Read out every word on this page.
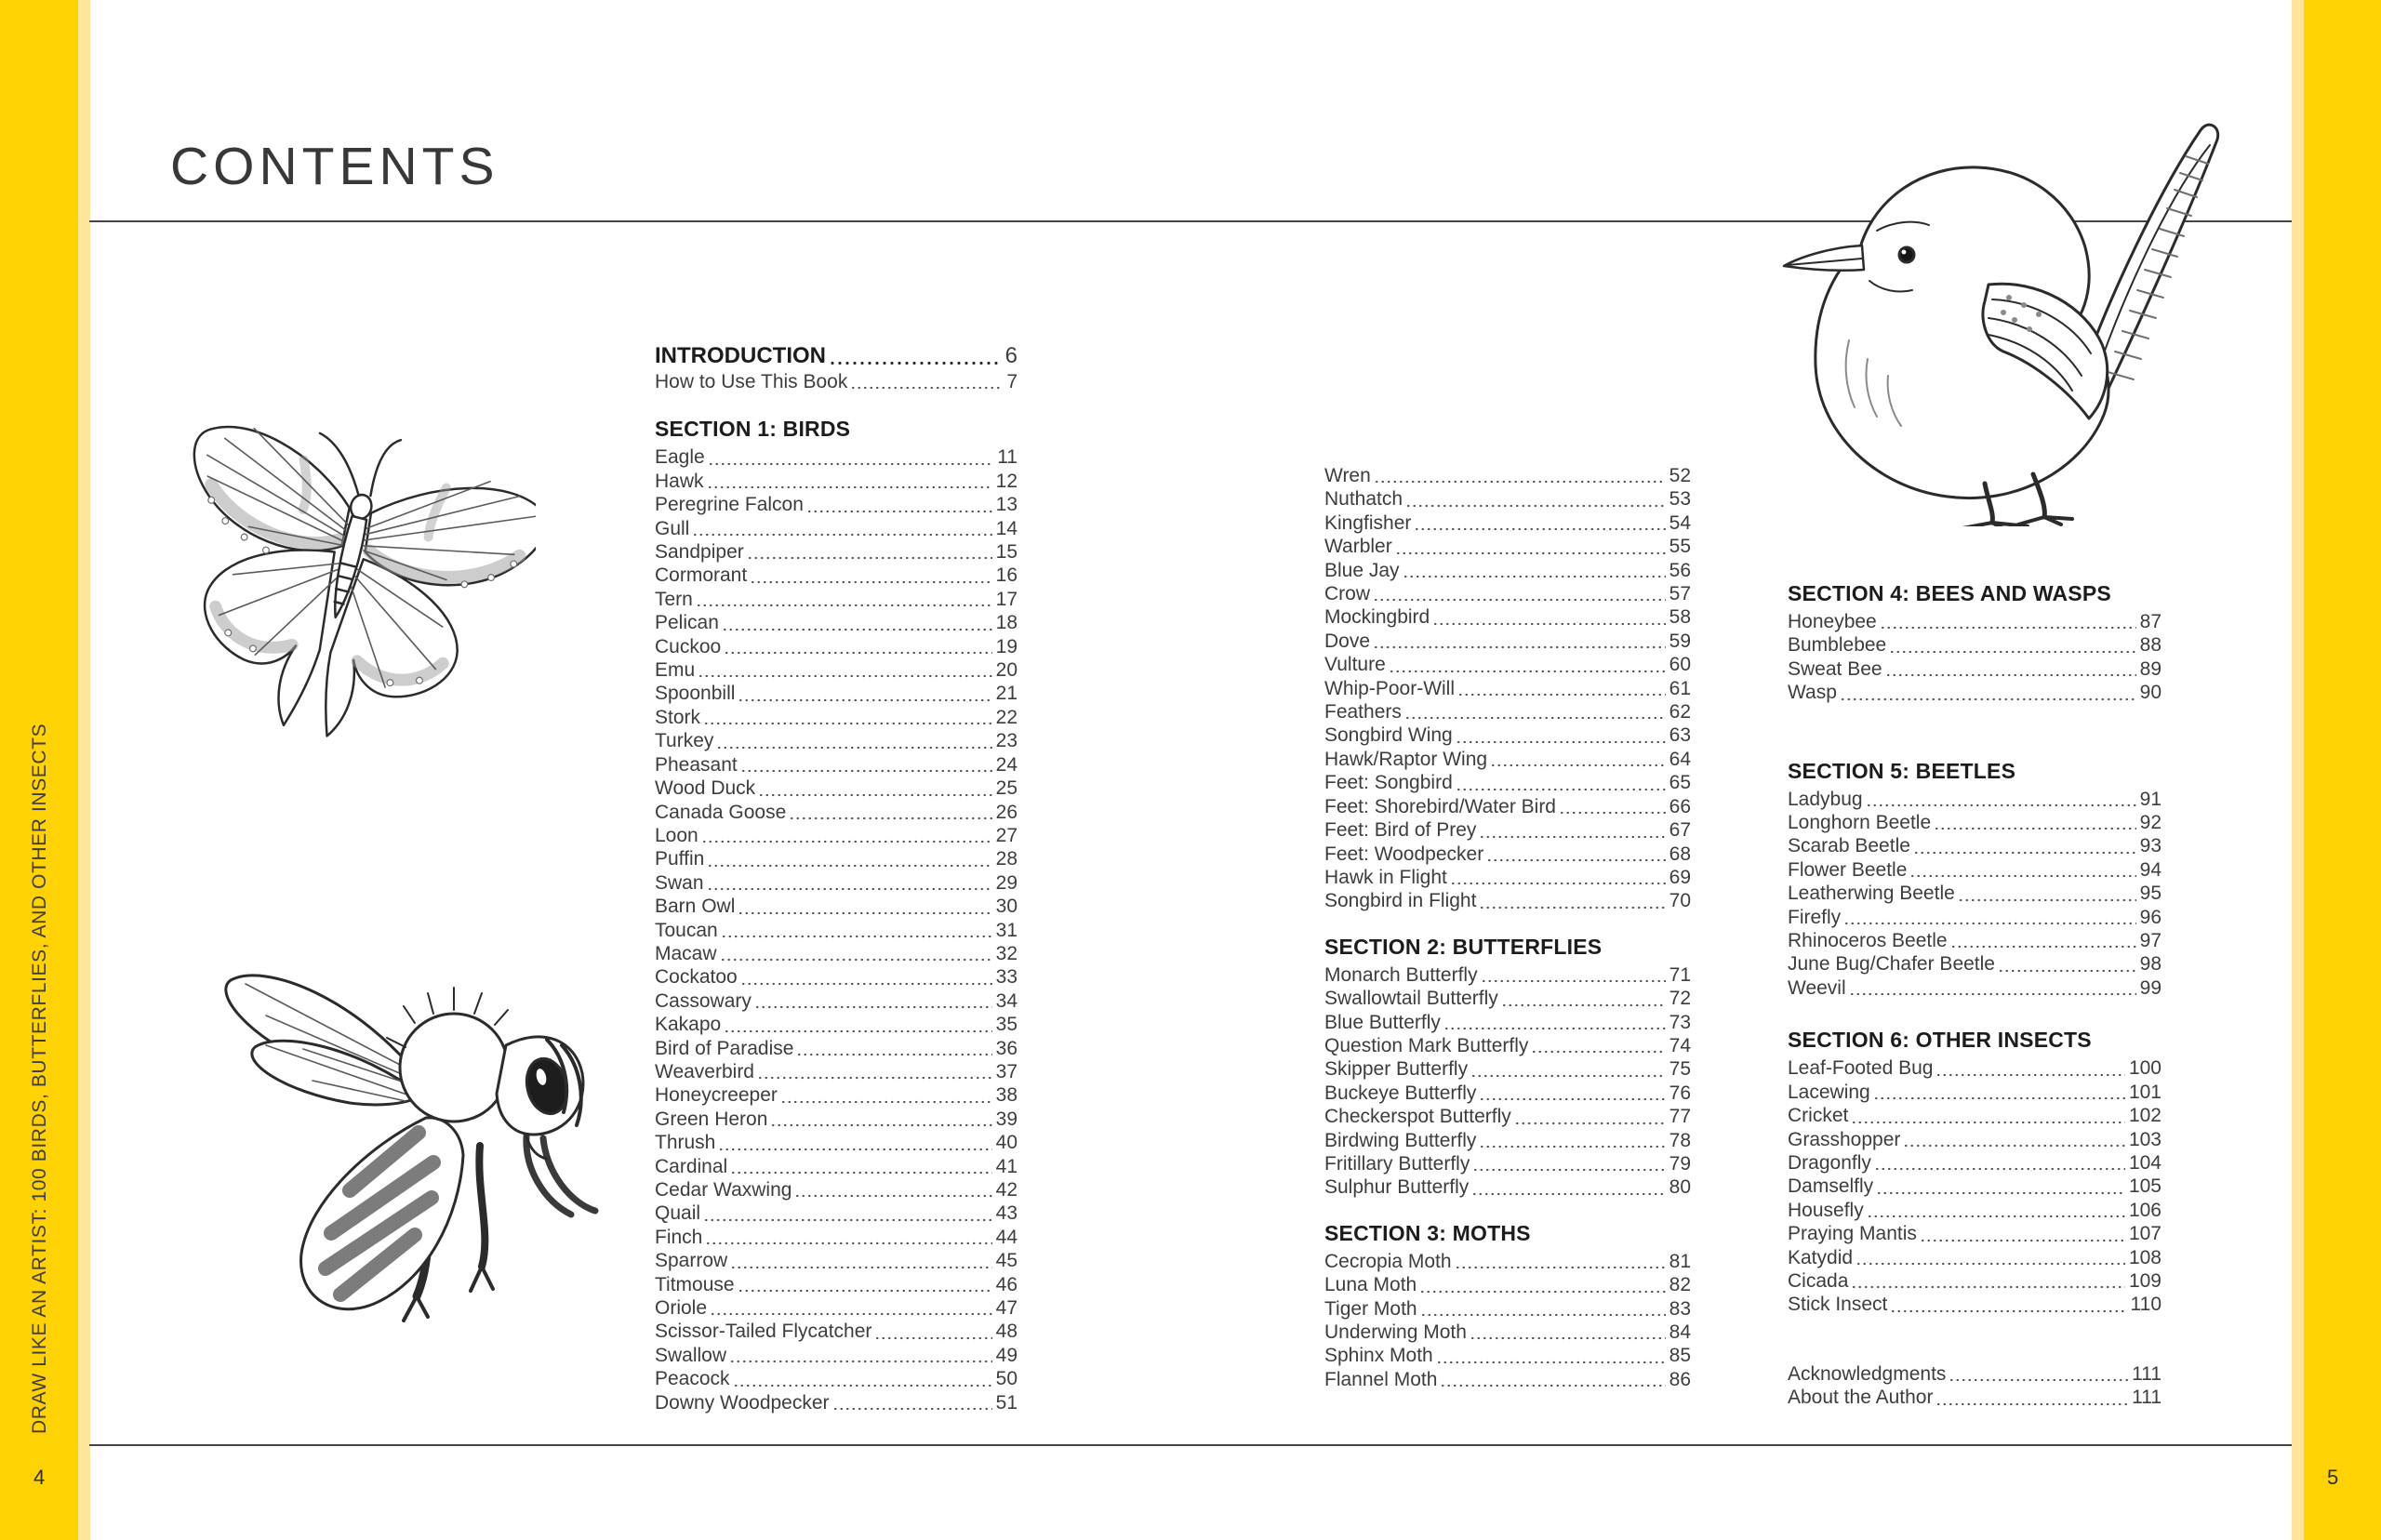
DRAW LIKE AN ARTIST: 100 BIRDS, BUTTERFLIES, AND OTHER INSECTS
CONTENTS
4	5
INTRODUCTION	6
How to Use This Book	7
SECTION 1: BIRDS
Eagle	11
Hawk	12
Peregrine Falcon	13
Gull	14
Sandpiper	15
Cormorant	16
Tern	17
Pelican	18
Cuckoo	19
Emu	20
Spoonbill	21
Stork	22
Turkey	23
Pheasant	24
Wood Duck	25
Canada Goose	26
Loon	27
Puffin	28
Swan	29
Barn Owl	30
Toucan	31
Macaw	32
Cockatoo	33
Cassowary	34
Kakapo	35
Bird of Paradise	36
Weaverbird	37
Honeycreeper	38
Green Heron	39
Thrush	40
Cardinal	41
Cedar Waxwing	42
Quail	43
Finch	44
Sparrow	45
Titmouse	46
Oriole	47
Scissor-Tailed Flycatcher	48
Swallow	49
Peacock	50
Downy Woodpecker	51
Wren	52
Nuthatch	53
Kingfisher	54
Warbler	55
Blue Jay	56
Crow	57
Mockingbird	58
Dove	59
Vulture	60
Whip-Poor-Will	61
Feathers	62
Songbird Wing	63
Hawk/Raptor Wing	64
Feet: Songbird	65
Feet: Shorebird/Water Bird	66
Feet: Bird of Prey	67
Feet: Woodpecker	68
Hawk in Flight	69
Songbird in Flight	70
SECTION 2: BUTTERFLIES
Monarch Butterfly	71
Swallowtail Butterfly	72
Blue Butterfly	73
Question Mark Butterfly	74
Skipper Butterfly	75
Buckeye Butterfly	76
Checkerspot Butterfly	77
Birdwing Butterfly	78
Fritillary Butterfly	79
Sulphur Butterfly	80
SECTION 3: MOTHS
Cecropia Moth	81
Luna Moth	82
Tiger Moth	83
Underwing Moth	84
Sphinx Moth	85
Flannel Moth	86
SECTION 4: BEES AND WASPS
Honeybee	87
Bumblebee	88
Sweat Bee	89
Wasp	90
SECTION 5: BEETLES
Ladybug	91
Longhorn Beetle	92
Scarab Beetle	93
Flower Beetle	94
Leatherwing Beetle	95
Firefly	96
Rhinoceros Beetle	97
June Bug/Chafer Beetle	98
Weevil	99
SECTION 6: OTHER INSECTS
Leaf-Footed Bug	100
Lacewing	101
Cricket	102
Grasshopper	103
Dragonfly	104
Damselfly	105
Housefly	106
Praying Mantis	107
Katydid	108
Cicada	109
Stick Insect	110
Acknowledgments	111
About the Author	111
